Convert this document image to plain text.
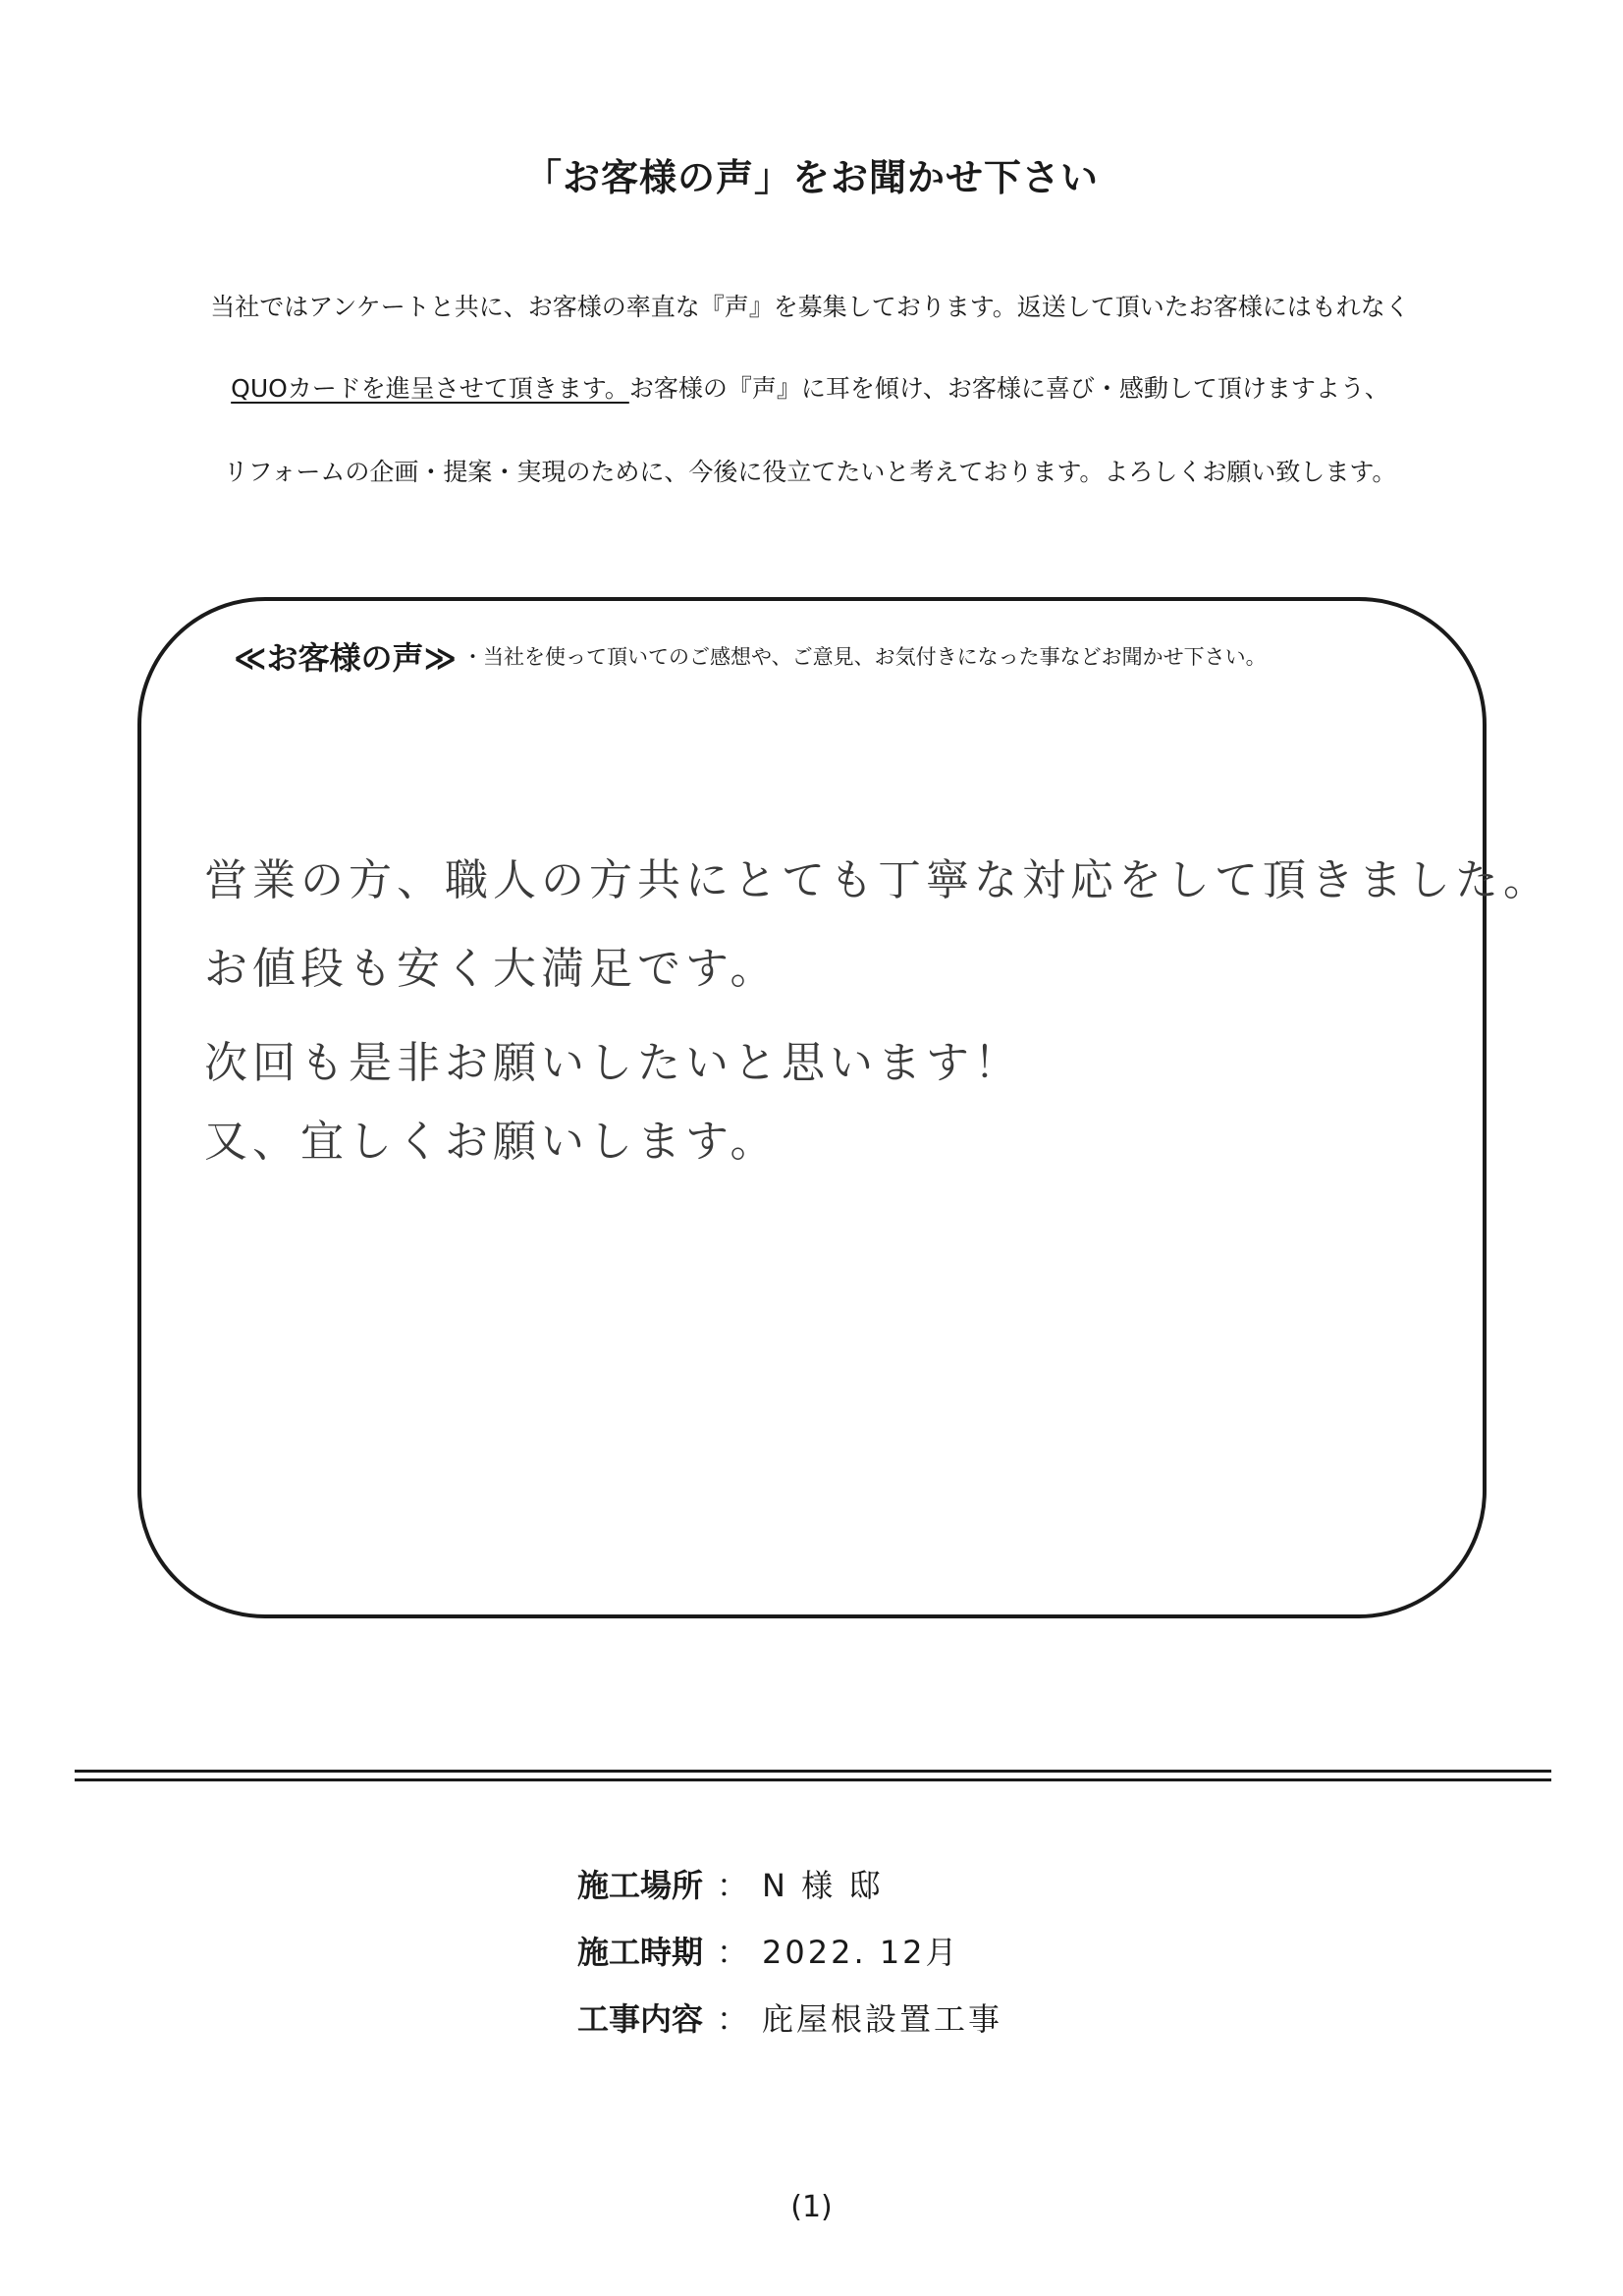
「お客様の声」をお聞かせ下さい
当社ではアンケートと共に、お客様の率直な『声』を募集しております。返送して頂いたお客様にはもれなく
QUOカードを進呈させて頂きます。お客様の『声』に耳を傾け、お客様に喜び・感動して頂けますよう、
リフォームの企画・提案・実現のために、今後に役立てたいと考えております。よろしくお願い致します。
≪お客様の声≫ ・当社を使って頂いてのご感想や、ご意見、お気付きになった事などお聞かせ下さい。
営業の方、職人の方共にとても丁寧な対応をして頂きました。
お値段も安く大満足です。
次回も是非お願いしたいと思います！
又、宜しくお願いします。
施工場所 ： N 様 邸
施工時期 ： 2022. 12月
工事内容 ： 庇屋根設置工事
(1)
